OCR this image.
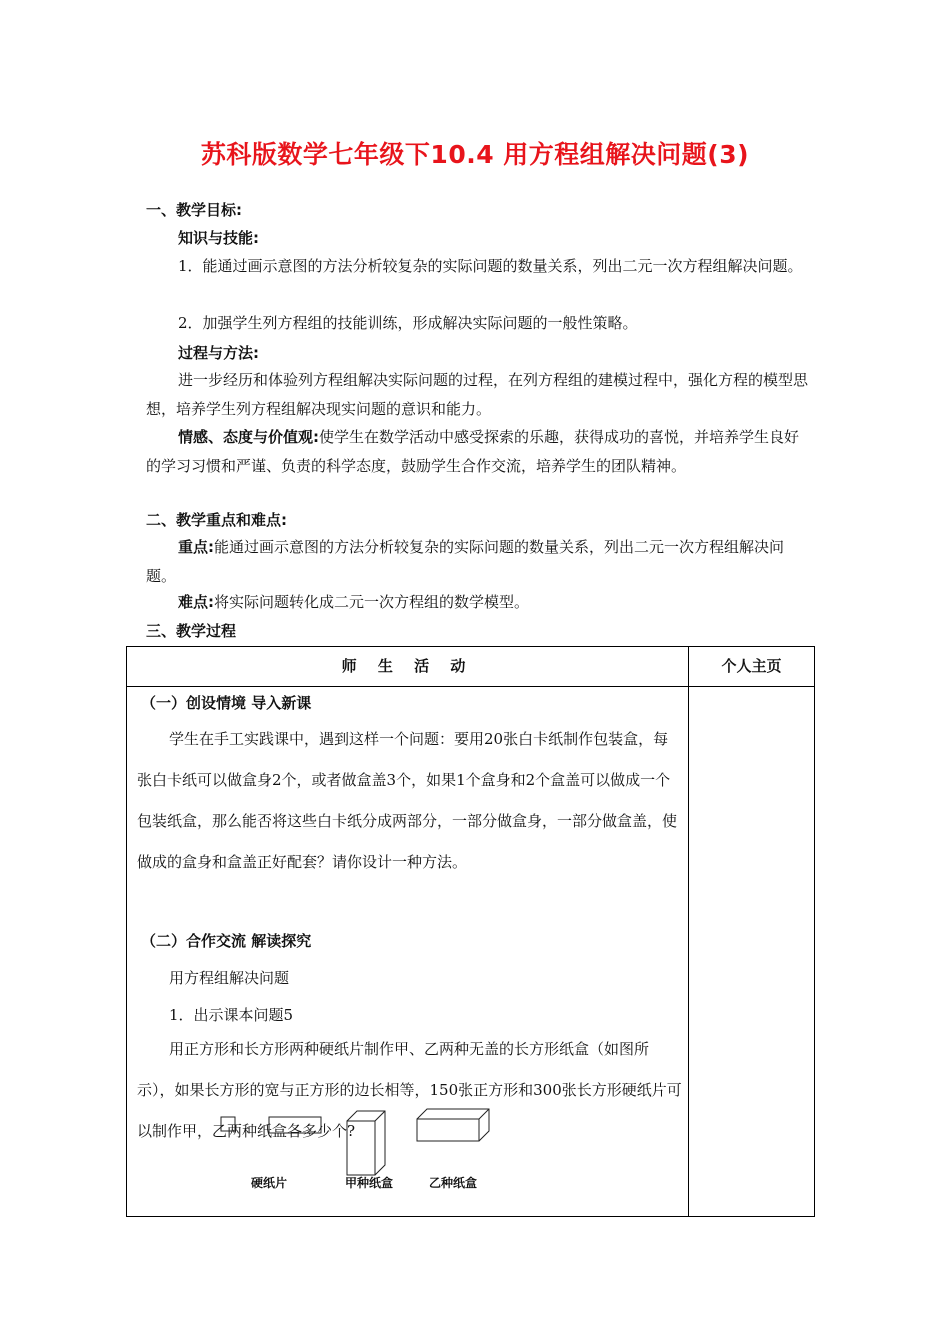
苏科版数学七年级下10.4 用方程组解决问题(3)
一、教学目标:
知识与技能:
1．能通过画示意图的方法分析较复杂的实际问题的数量关系，列出二元一次方程组解决问题。
2．加强学生列方程组的技能训练，形成解决实际问题的一般性策略。
过程与方法:
进一步经历和体验列方程组解决实际问题的过程，在列方程组的建模过程中，强化方程的模型思想，培养学生列方程组解决现实问题的意识和能力。
情感、态度与价值观:使学生在数学活动中感受探索的乐趣，获得成功的喜悦，并培养学生良好的学习习惯和严谨、负责的科学态度，鼓励学生合作交流，培养学生的团队精神。
二、教学重点和难点:
重点:能通过画示意图的方法分析较复杂的实际问题的数量关系，列出二元一次方程组解决问题。
难点:将实际问题转化成二元一次方程组的数学模型。
三、教学过程
师 生 活 动	个人主页
（一）创设情境 导入新课
学生在手工实践课中，遇到这样一个问题：要用20张白卡纸制作包装盒，每张白卡纸可以做盒身2个，或者做盒盖3个，如果1个盒身和2个盒盖可以做成一个包装纸盒，那么能否将这些白卡纸分成两部分，一部分做盒身，一部分做盒盖，使做成的盒身和盒盖正好配套？请你设计一种方法。
（二）合作交流 解读探究
用方程组解决问题
1．出示课本问题5
用正方形和长方形两种硬纸片制作甲、乙两种无盖的长方形纸盒（如图所示），如果长方形的宽与正方形的边长相等，150张正方形和300张长方形硬纸片可以制作甲，乙两种纸盒各多少个?
硬纸片	甲种纸盒	乙种纸盒
